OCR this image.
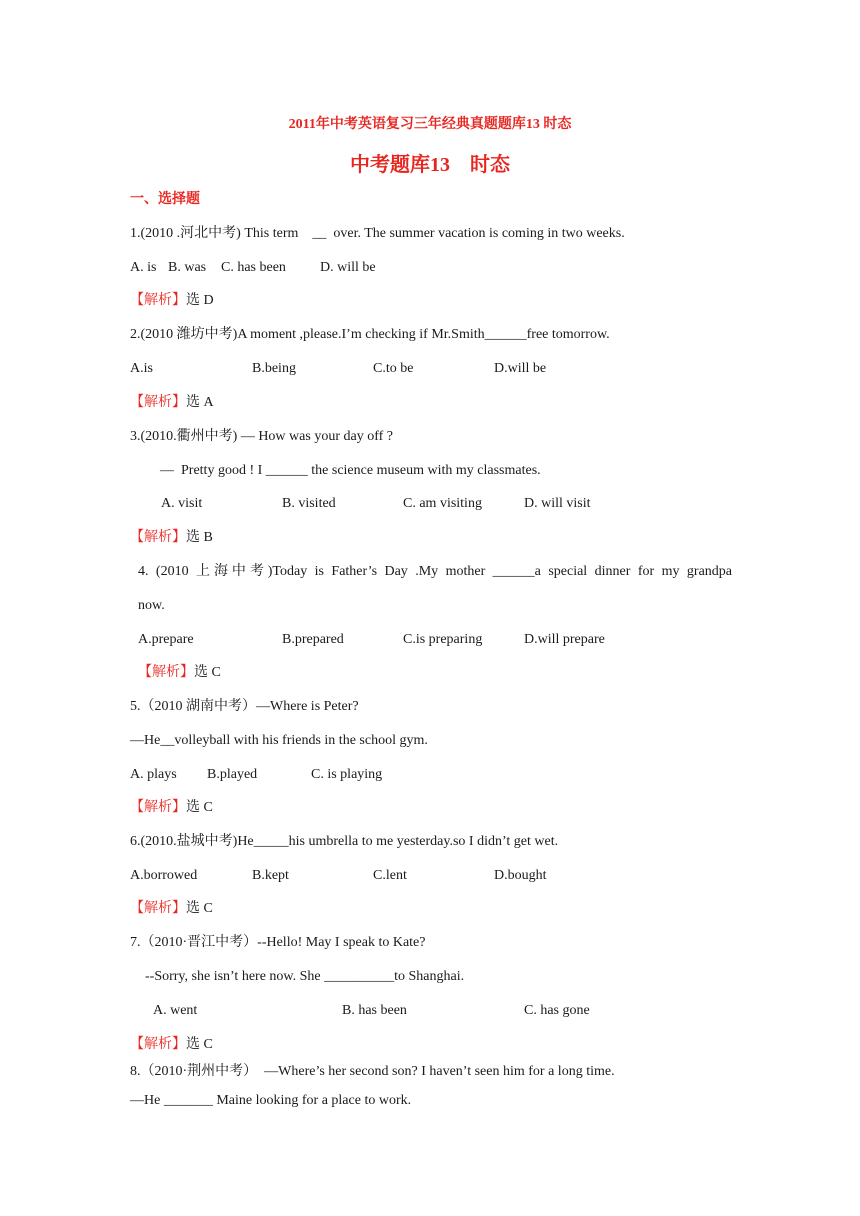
2011年中考英语复习三年经典真题题库13 时态
中考题库13　时态
一、选择题
1.(2010 .河北中考) This term    __  over. The summer vacation is coming in two weeks.
A. is B. was C. has been D. will be
【解析】选 D
2.(2010 潍坊中考)A moment ,please.I’m checking if Mr.Smith______free tomorrow.
A.is	B.being	C.to be	D.will be
【解析】选 A
3.(2010.衢州中考) — How was your day off ?
—  Pretty good ! I ______ the science museum with my classmates.
A. visit	B. visited	C. am visiting	D. will visit
【解析】选 B
4. (2010 上海中考)Today is Father’s Day .My mother ______a special dinner for my grandpa
now.
A.prepare	B.prepared	C.is preparing	D.will prepare
【解析】选 C
5.（2010 湖南中考）—Where is Peter?
—He__volleyball with his friends in the school gym.
A. plays B.played	C. is playing
【解析】选 C
6.(2010.盐城中考)He_____his umbrella to me yesterday.so I didn’t get wet.
A.borrowed	B.kept	C.lent	D.bought
【解析】选 C
7.（2010·晋江中考）--Hello! May I speak to Kate?
--Sorry, she isn’t here now. She __________to Shanghai.
A. went	B. has been	C. has gone
【解析】选 C
8.（2010·荆州中考）  —Where’s her second son? I haven’t seen him for a long time.
—He _______ Maine looking for a place to work.
